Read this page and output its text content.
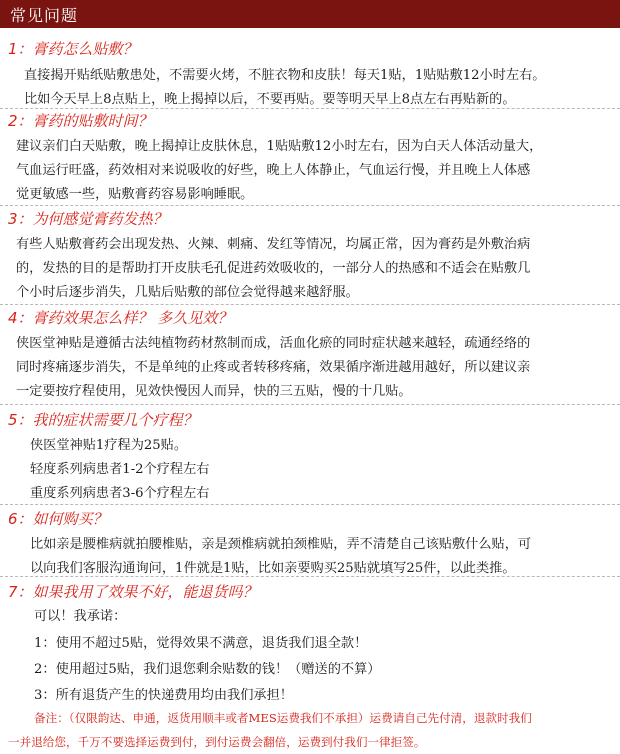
常见问题
1：膏药怎么贴敷？
直接揭开贴纸贴敷患处，不需要火烤，不脏衣物和皮肤！每天1贴，1贴贴敷12小时左右。
比如今天早上8点贴上，晚上揭掉以后，不要再贴。要等明天早上8点左右再贴新的。
2：膏药的贴敷时间？
建议亲们白天贴敷，晚上揭掉让皮肤休息，1贴贴敷12小时左右，因为白天人体活动量大，
气血运行旺盛，药效相对来说吸收的好些，晚上人体静止，气血运行慢，并且晚上人体感
觉更敏感一些，贴敷膏药容易影响睡眠。
3：为何感觉膏药发热？
有些人贴敷膏药会出现发热、火辣、刺痛、发红等情况，均属正常，因为膏药是外敷治病
的，发热的目的是帮助打开皮肤毛孔促进药效吸收的，一部分人的热感和不适会在贴敷几
个小时后逐步消失，几贴后贴敷的部位会觉得越来越舒服。
4：膏药效果怎么样？ 多久见效？
侠医堂神贴是遵循古法纯植物药材熬制而成，活血化瘀的同时症状越来越轻，疏通经络的
同时疼痛逐步消失，不是单纯的止疼或者转移疼痛，效果循序渐进越用越好，所以建议亲
一定要按疗程使用，见效快慢因人而异，快的三五贴，慢的十几贴。
5：我的症状需要几个疗程？
侠医堂神贴1疗程为25贴。
轻度系列病患者1-2个疗程左右
重度系列病患者3-6个疗程左右
6：如何购买？
比如亲是腰椎病就拍腰椎贴，亲是颈椎病就拍颈椎贴，弄不清楚自己该贴敷什么贴，可
以向我们客服沟通询问，1件就是1贴，比如亲要购买25贴就填写25件，以此类推。
7：如果我用了效果不好，能退货吗？
可以！我承诺：
1：使用不超过5贴，觉得效果不满意，退货我们退全款！
2：使用超过5贴，我们退您剩余贴数的钱！（赠送的不算）
3：所有退货产生的快递费用均由我们承担！
备注：（仅限韵达、申通，返货用顺丰或者MES运费我们不承担）运费请自己先付清，退款时我们
一并退给您，千万不要选择运费到付，到付运费会翻倍，运费到付我们一律拒签。
